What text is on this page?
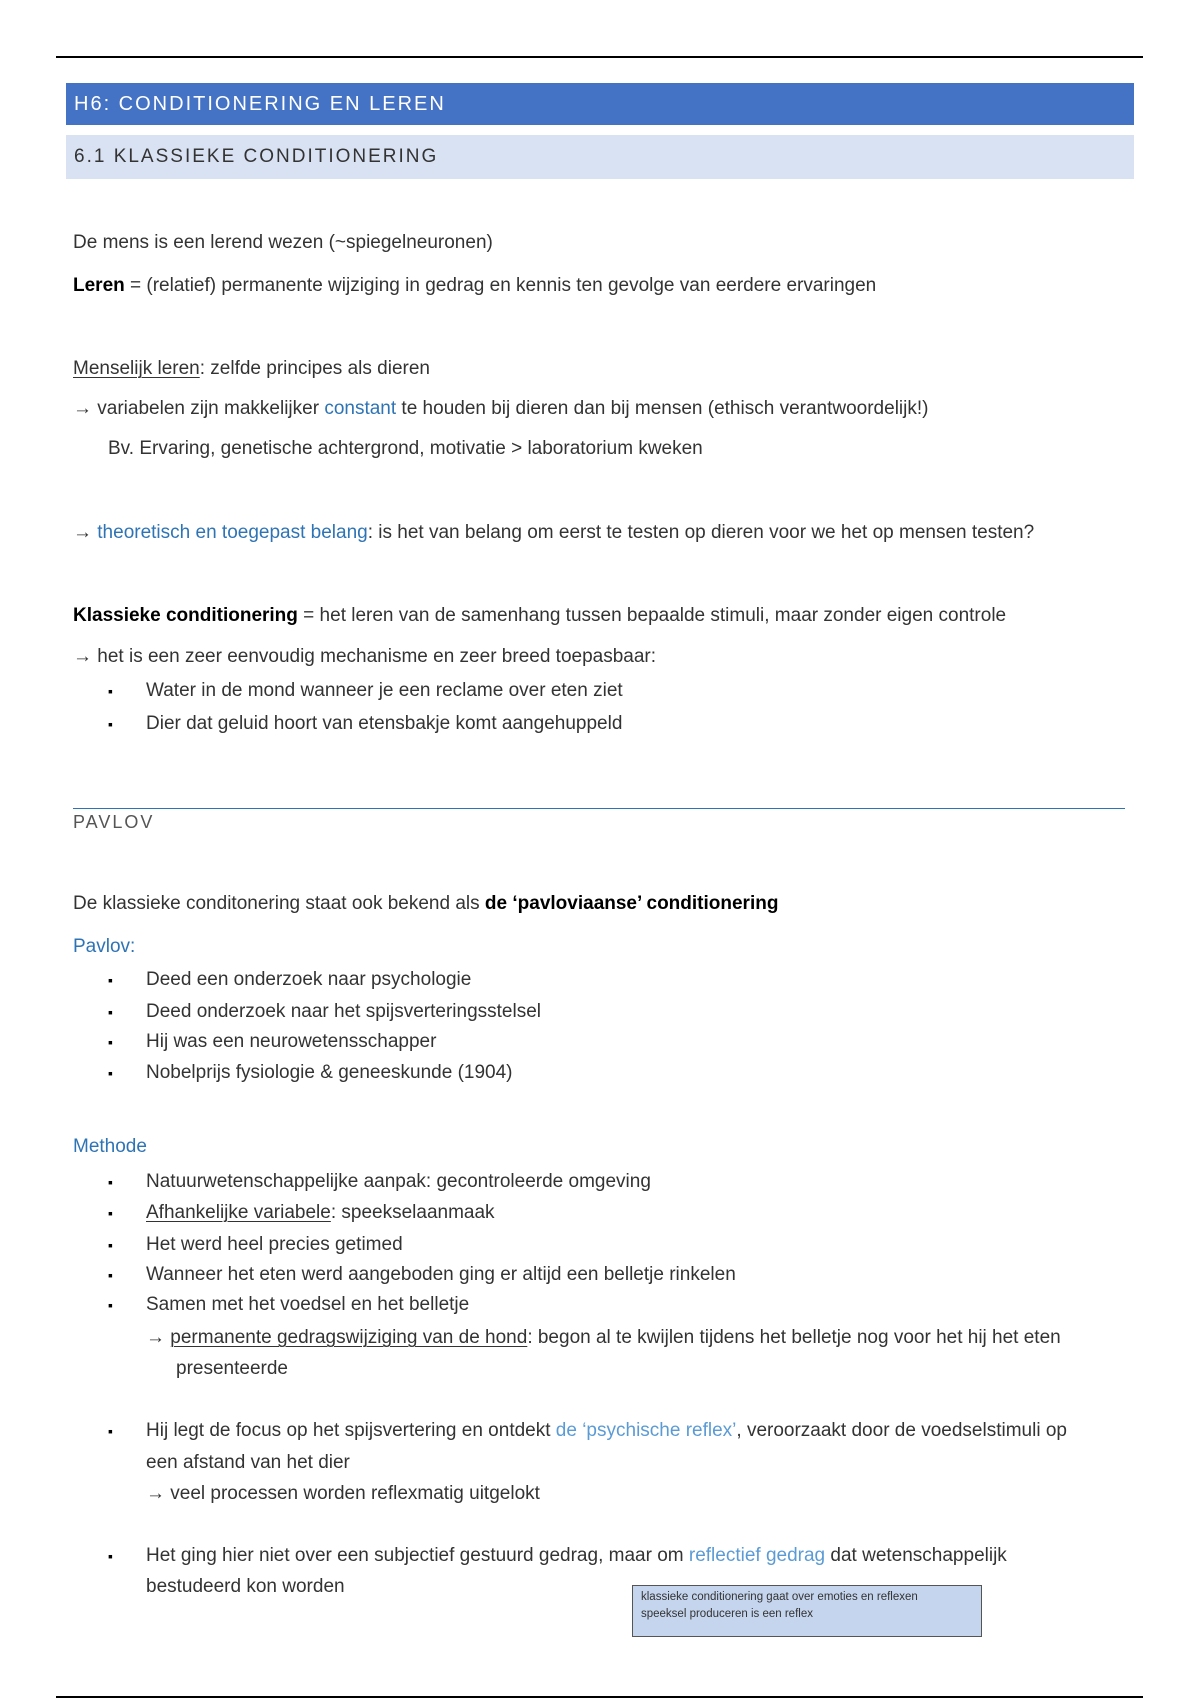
H6: CONDITIONERING EN LEREN
6.1 KLASSIEKE CONDITIONERING
De mens is een lerend wezen (~spiegelneuronen)
Leren = (relatief) permanente wijziging in gedrag en kennis ten gevolge van eerdere ervaringen
Menselijk leren: zelfde principes als dieren
→ variabelen zijn makkelijker constant te houden bij dieren dan bij mensen (ethisch verantwoordelijk!)
Bv. Ervaring, genetische achtergrond, motivatie > laboratorium kweken
→ theoretisch en toegepast belang: is het van belang om eerst te testen op dieren voor we het op mensen testen?
Klassieke conditionering = het leren van de samenhang tussen bepaalde stimuli, maar zonder eigen controle
→ het is een zeer eenvoudig mechanisme en zeer breed toepasbaar:
▪ Water in de mond wanneer je een reclame over eten ziet
▪ Dier dat geluid hoort van etensbakje komt aangehuppeld
PAVLOV
De klassieke conditonering staat ook bekend als de ‘pavloviaanse’ conditionering
Pavlov:
▪ Deed een onderzoek naar psychologie
▪ Deed onderzoek naar het spijsverteringsstelsel
▪ Hij was een neurowetensschapper
▪ Nobelprijs fysiologie & geneeskunde (1904)
Methode
▪ Natuurwetenschappelijke aanpak: gecontroleerde omgeving
▪ Afhankelijke variabele: speekselaanmaak
▪ Het werd heel precies getimed
▪ Wanneer het eten werd aangeboden ging er altijd een belletje rinkelen
▪ Samen met het voedsel en het belletje
→ permanente gedragswijziging van de hond: begon al te kwijlen tijdens het belletje nog voor het hij het eten
presenteerde
▪ Hij legt de focus op het spijsvertering en ontdekt de ‘psychische reflex’, veroorzaakt door de voedselstimuli op
een afstand van het dier
→ veel processen worden reflexmatig uitgelokt
▪ Het ging hier niet over een subjectief gestuurd gedrag, maar om reflectief gedrag dat wetenschappelijk
bestudeerd kon worden	klassieke conditionering gaat over emoties en reflexen
speeksel produceren is een reflex
